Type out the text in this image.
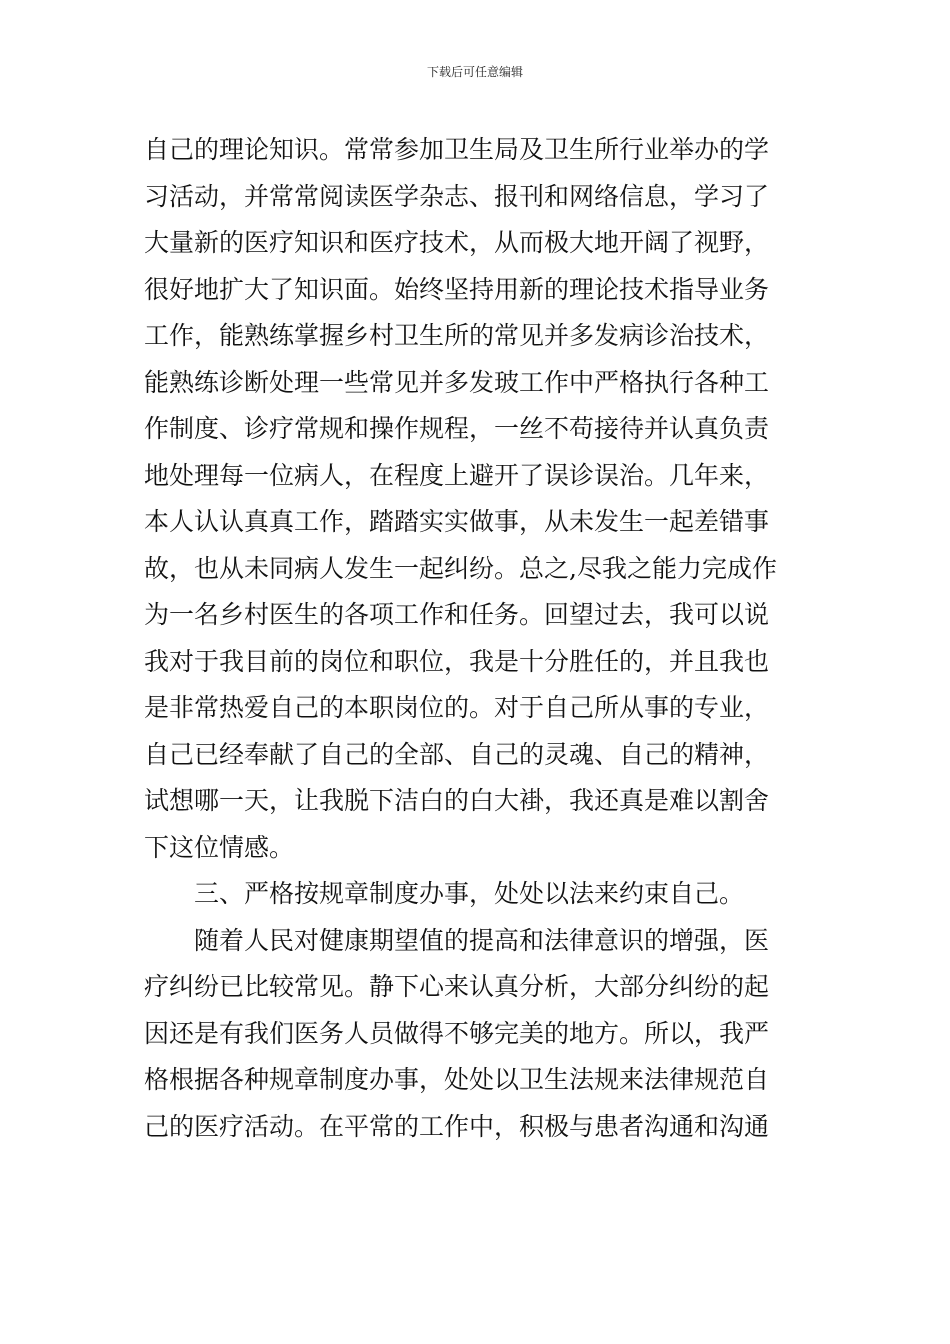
下载后可任意编辑
自己的理论知识。常常参加卫生局及卫生所行业举办的学
习活动，并常常阅读医学杂志、报刊和网络信息，学习了
大量新的医疗知识和医疗技术，从而极大地开阔了视野，
很好地扩大了知识面。始终坚持用新的理论技术指导业务
工作，能熟练掌握乡村卫生所的常见并多发病诊治技术，
能熟练诊断处理一些常见并多发玻工作中严格执行各种工
作制度、诊疗常规和操作规程，一丝不苟接待并认真负责
地处理每一位病人，在程度上避开了误诊误治。几年来，
本人认认真真工作，踏踏实实做事，从未发生一起差错事
故，也从未同病人发生一起纠纷。总之,尽我之能力完成作
为一名乡村医生的各项工作和任务。回望过去，我可以说
我对于我目前的岗位和职位，我是十分胜任的，并且我也
是非常热爱自己的本职岗位的。对于自己所从事的专业，
自己已经奉献了自己的全部、自己的灵魂、自己的精神，
试想哪一天，让我脱下洁白的白大褂，我还真是难以割舍
下这位情感。
三、严格按规章制度办事，处处以法来约束自己。
随着人民对健康期望值的提高和法律意识的增强，医
疗纠纷已比较常见。静下心来认真分析，大部分纠纷的起
因还是有我们医务人员做得不够完美的地方。所以，我严
格根据各种规章制度办事，处处以卫生法规来法律规范自
己的医疗活动。在平常的工作中，积极与患者沟通和沟通
